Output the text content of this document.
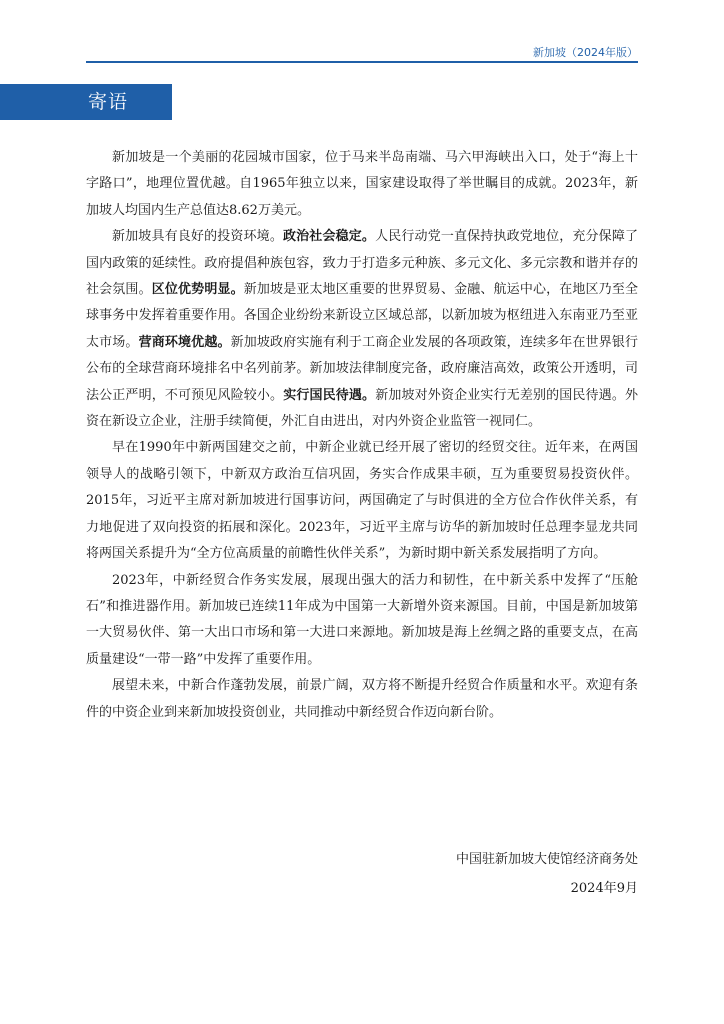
新加坡（2024年版）
寄语

新加坡是一个美丽的花园城市国家，位于马来半岛南端、马六甲海峡出入口，处于“海上十字路口”，地理位置优越。自1965年独立以来，国家建设取得了举世瞩目的成就。2023年，新加坡人均国内生产总值达8.62万美元。

新加坡具有良好的投资环境。政治社会稳定。人民行动党一直保持执政党地位，充分保障了国内政策的延续性。政府提倡种族包容，致力于打造多元种族、多元文化、多元宗教和谐并存的社会氛围。区位优势明显。新加坡是亚太地区重要的世界贸易、金融、航运中心，在地区乃至全球事务中发挥着重要作用。各国企业纷纷来新设立区域总部，以新加坡为枢纽进入东南亚乃至亚太市场。营商环境优越。新加坡政府实施有利于工商企业发展的各项政策，连续多年在世界银行公布的全球营商环境排名中名列前茅。新加坡法律制度完备，政府廉洁高效，政策公开透明，司法公正严明，不可预见风险较小。实行国民待遇。新加坡对外资企业实行无差别的国民待遇。外资在新设立企业，注册手续简便，外汇自由进出，对内外资企业监管一视同仁。

早在1990年中新两国建交之前，中新企业就已经开展了密切的经贸交往。近年来，在两国领导人的战略引领下，中新双方政治互信巩固，务实合作成果丰硕，互为重要贸易投资伙伴。2015年，习近平主席对新加坡进行国事访问，两国确定了与时俱进的全方位合作伙伴关系，有力地促进了双向投资的拓展和深化。2023年，习近平主席与访华的新加坡时任总理李显龙共同将两国关系提升为“全方位高质量的前瞻性伙伴关系”，为新时期中新关系发展指明了方向。

2023年，中新经贸合作务实发展，展现出强大的活力和韧性，在中新关系中发挥了“压舱石”和推进器作用。新加坡已连续11年成为中国第一大新增外资来源国。目前，中国是新加坡第一大贸易伙伴、第一大出口市场和第一大进口来源地。新加坡是海上丝绸之路的重要支点，在高质量建设“一带一路”中发挥了重要作用。

展望未来，中新合作蓬勃发展，前景广阔，双方将不断提升经贸合作质量和水平。欢迎有条件的中资企业到来新加坡投资创业，共同推动中新经贸合作迈向新台阶。

中国驻新加坡大使馆经济商务处
2024年9月
